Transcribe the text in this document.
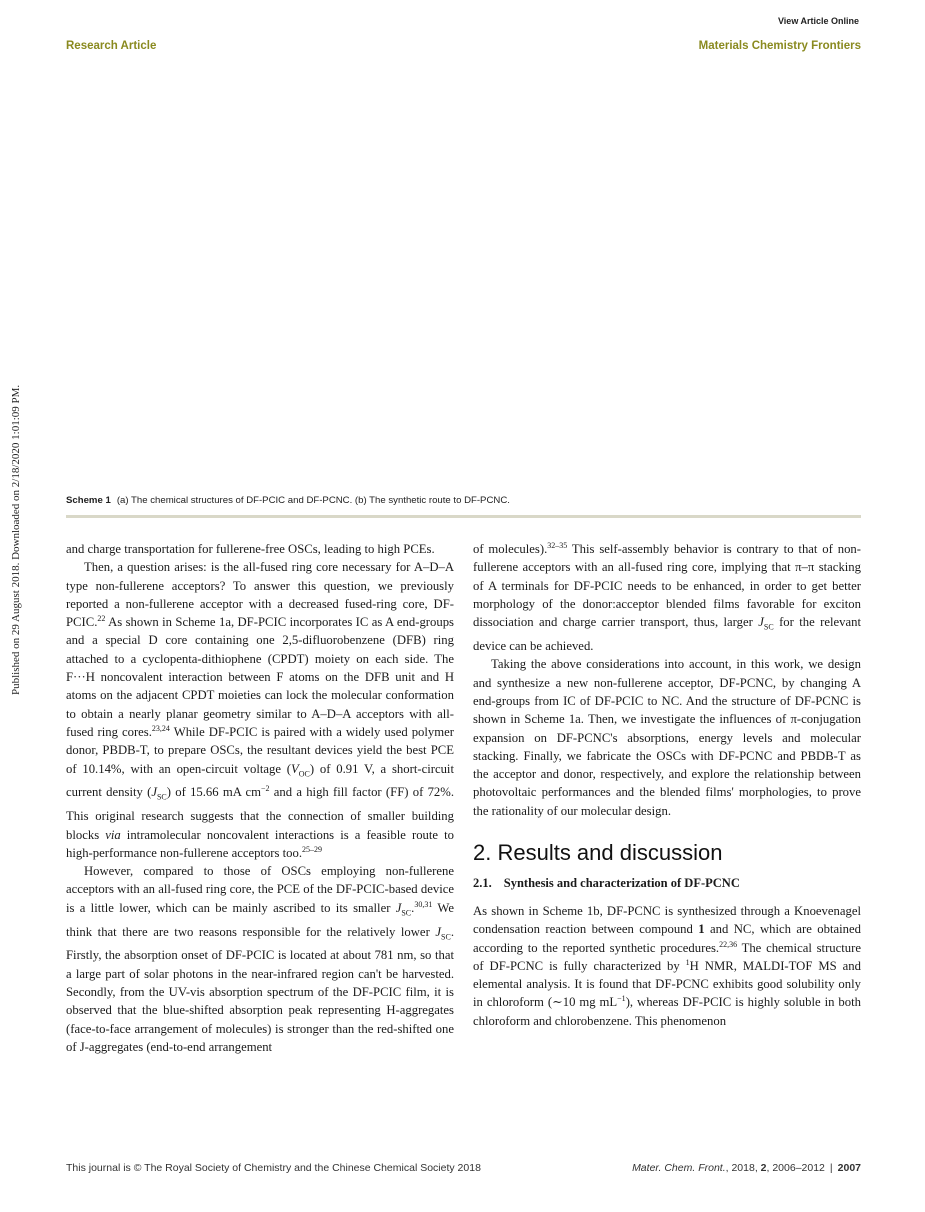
View Article Online
Research Article	Materials Chemistry Frontiers
Published on 29 August 2018. Downloaded on 2/18/2020 1:01:09 PM.	Scheme 1 (a) The chemical structures of DF-PCIC and DF-PCNC. (b) The synthetic route to DF-PCNC.

and charge transportation for fullerene-free OSCs, leading to high PCEs.

Then, a question arises: is the all-fused ring core necessary for A–D–A type non-fullerene acceptors? To answer this question, we previously reported a non-fullerene acceptor with a decreased fused-ring core, DF-PCIC.$^{22}$ As shown in Scheme 1a, DF-PCIC incorporates IC as A end-groups and a special D core containing one 2,5-difluorobenzene (DFB) ring attached to a cyclopenta-dithiophene (CPDT) moiety on each side. The F···H noncovalent interaction between F atoms on the DFB unit and H atoms on the adjacent CPDT moieties can lock the molecular conformation to obtain a nearly planar geometry similar to A–D–A acceptors with all-fused ring cores.$^{23,24}$ While DF-PCIC is paired with a widely used polymer donor, PBDB-T, to prepare OSCs, the resultant devices yield the best PCE of 10.14%, with an open-circuit voltage $(V_{OC})$ of 0.91 V, a short-circuit current density $(J_{SC})$ of 15.66 mA $cm^{-2}$ and a high fill factor (FF) of 72%. This original research suggests that the connection of smaller building blocks via intramolecular noncovalent interactions is a feasible route to high-performance non-fullerene acceptors too.$^{25-29}$

However, compared to those of OSCs employing non-fullerene acceptors with an all-fused ring core, the PCE of the DF-PCIC-based device is a little lower, which can be mainly ascribed to its smaller $J_{SC}.^{30,31}$ We think that there are two reasons responsible for the relatively lower $J_{SC}$. Firstly, the absorption onset of DF-PCIC is located at about 781 nm, so that a large part of solar photons in the near-infrared region can't be harvested. Secondly, from the UV-vis absorption spectrum of the DF-PCIC film, it is observed that the blue-shifted absorption peak representing H-aggregates (face-to-face arrangement of molecules) is stronger than the red-shifted one of J-aggregates (end-to-end arrangement

of molecules).$^{32-35}$ This self-assembly behavior is contrary to that of non-fullerene acceptors with an all-fused ring core, implying that π–π stacking of A terminals for DF-PCIC needs to be enhanced, in order to get better morphology of the donor:acceptor blended films favorable for exciton dissociation and charge carrier transport, thus, larger $J_{SC}$ for the relevant device can be achieved.

Taking the above considerations into account, in this work, we design and synthesize a new non-fullerene acceptor, DF-PCNC, by changing A end-groups from IC of DF-PCIC to NC. And the structure of DF-PCNC is shown in Scheme 1a. Then, we investigate the influences of π-conjugation expansion on DF-PCNC's absorptions, energy levels and molecular stacking. Finally, we fabricate the OSCs with DF-PCNC and PBDB-T as the acceptor and donor, respectively, and explore the relationship between photovoltaic performances and the blended films' morphologies, to prove the rationality of our molecular design.

2. Results and discussion
2.1. Synthesis and characterization of DF-PCNC

As shown in Scheme 1b, DF-PCNC is synthesized through a Knoevenagel condensation reaction between compound 1 and NC, which are obtained according to the reported synthetic procedures.$^{22,36}$ The chemical structure of DF-PCNC is fully characterized by $^1$H NMR, MALDI-TOF MS and elemental analysis. It is found that DF-PCNC exhibits good solubility only in chloroform (∼10 mg $mL^{-1}$), whereas DF-PCIC is highly soluble in both chloroform and chlorobenzene. This phenomenon

This journal is © The Royal Society of Chemistry and the Chinese Chemical Society 2018	Mater. Chem. Front., 2018, 2, 2006–2012 | 2007
